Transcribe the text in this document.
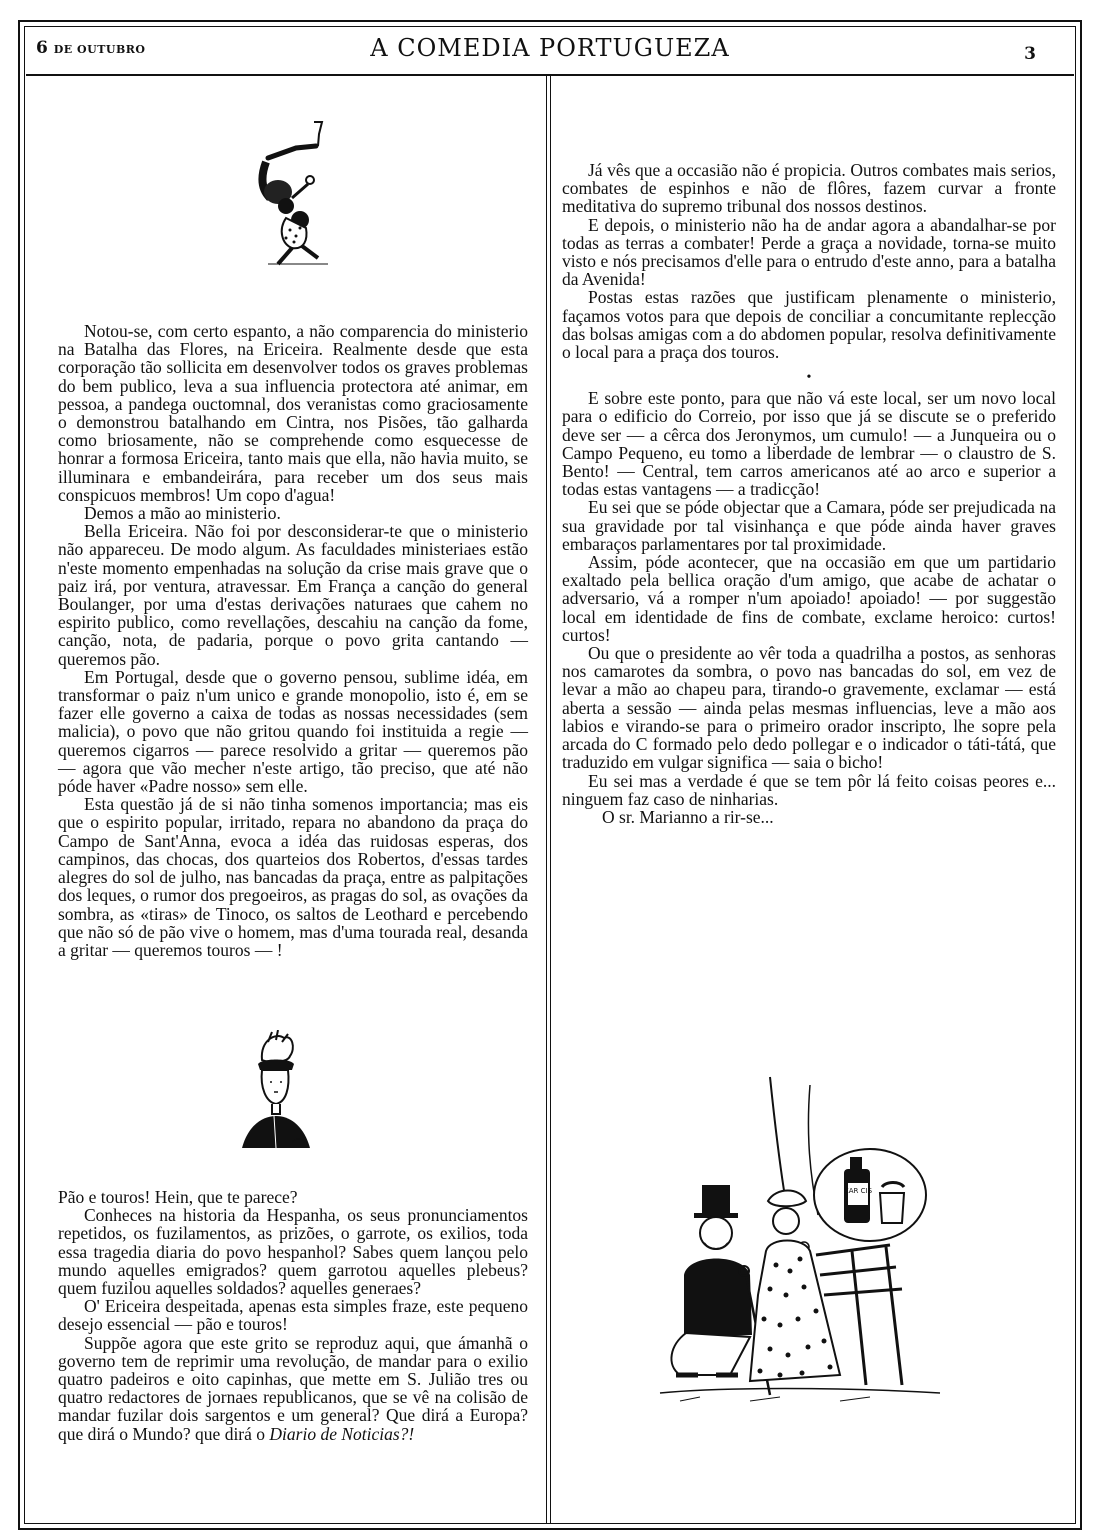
6 DE OUTUBRO	A COMEDIA PORTUGUEZA	3

Notou-se, com certo espanto, a não comparencia do ministerio na Batalha das Flores, na Ericeira. Realmente desde que esta corporação tão sollicita em desenvolver todos os graves problemas do bem publico, leva a sua influencia protectora até animar, em pessoa, a pandega ouctomnal, dos veranistas como graciosamente o demonstrou batalhando em Cintra, nos Pisões, tão galharda como briosamente, não se comprehende como esquecesse de honrar a formosa Ericeira, tanto mais que ella, não havia muito, se illuminara e embandeirára, para receber um dos seus mais conspicuos membros! Um copo d'agua!

Demos a mão ao ministerio.

Bella Ericeira. Não foi por desconsiderar-te que o ministerio não appareceu. De modo algum. As faculdades ministeriaes estão n'este momento empenhadas na solução da crise mais grave que o paiz irá, por ventura, atravessar. Em França a canção do general Boulanger, por uma d'estas derivações naturaes que cahem no espirito publico, como revellações, descahiu na canção da fome, canção, nota, de padaria, porque o povo grita cantando — queremos pão.

Em Portugal, desde que o governo pensou, sublime idéa, em transformar o paiz n'um unico e grande monopolio, isto é, em se fazer elle governo a caixa de todas as nossas necessidades (sem malicia), o povo que não gritou quando foi instituida a regie — queremos cigarros — parece resolvido a gritar — queremos pão — agora que vão mecher n'este artigo, tão preciso, que até não póde haver «Padre nosso» sem elle.

Esta questão já de si não tinha somenos importancia; mas eis que o espirito popular, irritado, repara no abandono da praça do Campo de Sant'Anna, evoca a idéa das ruidosas esperas, dos campinos, das chocas, dos quarteios dos Robertos, d'essas tardes alegres do sol de julho, nas bancadas da praça, entre as palpitações dos leques, o rumor dos pregoeiros, as pragas do sol, as ovações da sombra, as «tiras» de Tinoco, os saltos de Leothard e percebendo que não só de pão vive o homem, mas d'uma tourada real, desanda a gritar — queremos touros — !

Pão e touros! Hein, que te parece?

Conheces na historia da Hespanha, os seus pronunciamentos repetidos, os fuzilamentos, as prizões, o garrote, os exilios, toda essa tragedia diaria do povo hespanhol? Sabes quem lançou pelo mundo aquelles emigrados? quem garrotou aquelles plebeus? quem fuzilou aquelles soldados? aquelles generaes?

O' Ericeira despeitada, apenas esta simples fraze, este pequeno desejo essencial — pão e touros!

Suppõe agora que este grito se reproduz aqui, que ámanhã o governo tem de reprimir uma revolução, de mandar para o exilio quatro padeiros e oito capinhas, que mette em S. Julião tres ou quatro redactores de jornaes republicanos, que se vê na colisão de mandar fuzilar dois sargentos e um general? Que dirá a Europa? que dirá o Mundo? que dirá o Diario de Noticias?!

Já vês que a occasião não é propicia. Outros combates mais serios, combates de espinhos e não de flôres, fazem curvar a fronte meditativa do supremo tribunal dos nossos destinos.

E depois, o ministerio não ha de andar agora a abandalhar-se por todas as terras a combater! Perde a graça a novidade, torna-se muito visto e nós precisamos d'elle para o entrudo d'este anno, para a batalha da Avenida!

Postas estas razões que justificam plenamente o ministerio, façamos votos para que depois de conciliar a concumitante replecção das bolsas amigas com a do abdomen popular, resolva definitivamente o local para a praça dos touros.

•

E sobre este ponto, para que não vá este local, ser um novo local para o edificio do Correio, por isso que já se discute se o preferido deve ser — a cêrca dos Jeronymos, um cumulo! — a Junqueira ou o Campo Pequeno, eu tomo a liberdade de lembrar — o claustro de S. Bento! — Central, tem carros americanos até ao arco e superior a todas estas vantagens — a tradicção!

Eu sei que se póde objectar que a Camara, póde ser prejudicada na sua gravidade por tal visinhança e que póde ainda haver graves embaraços parlamentares por tal proximidade.

Assim, póde acontecer, que na occasião em que um partidario exaltado pela bellica oração d'um amigo, que acabe de achatar o adversario, vá a romper n'um apoiado! apoiado! — por suggestão local em identidade de fins de combate, exclame heroico: curtos! curtos!

Ou que o presidente ao vêr toda a quadrilha a postos, as senhoras nos camarotes da sombra, o povo nas bancadas do sol, em vez de levar a mão ao chapeu para, tirando-o gravemente, exclamar — está aberta a sessão — ainda pelas mesmas influencias, leve a mão aos labios e virando-se para o primeiro orador inscripto, lhe sopre pela arcada do C formado pelo dedo pollegar e o indicador o táti-tátá, que traduzido em vulgar significa — saia o bicho!

Eu sei mas a verdade é que se tem pôr lá feito coisas peores e... ninguem faz caso de ninharias.

O sr. Marianno a rir-se...

XAR CIS
